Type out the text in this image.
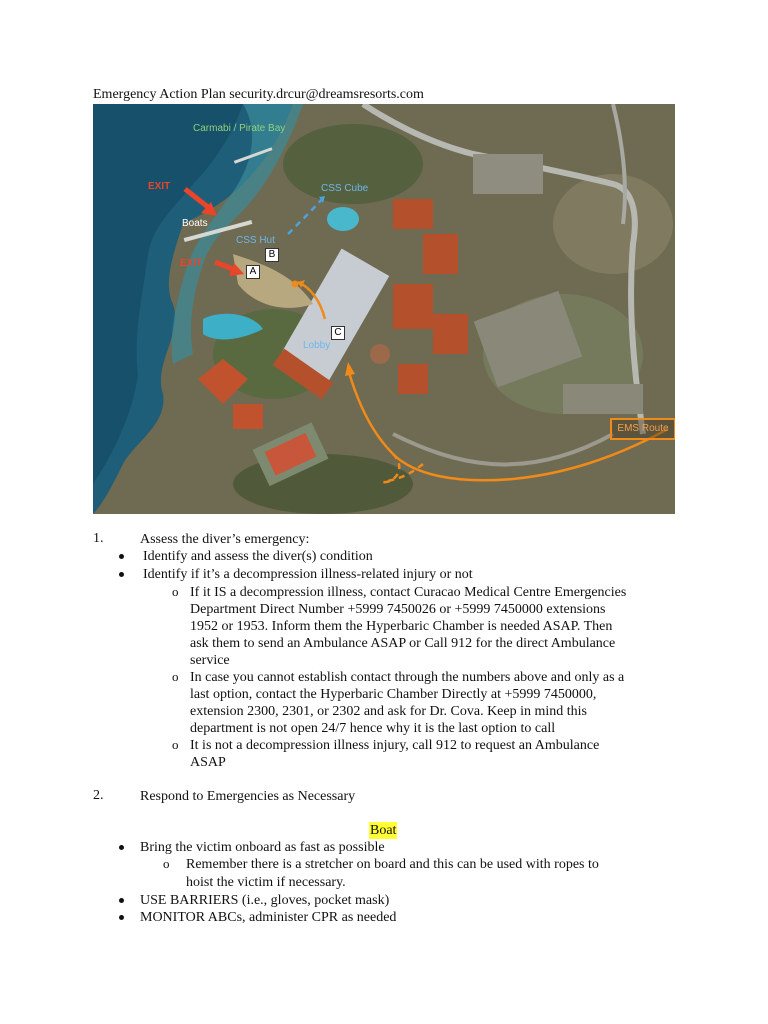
Emergency Action Plan security.drcur@dreamsresorts.com
Carmabi / Pirate Bay
EXIT
Boats
CSS Cube
CSS Hut
EXIT
Lobby
B
A
C
EMS Route
1.	Assess the diver’s emergency:
Identify and assess the diver(s) condition
Identify if it’s a decompression illness-related injury or not
o If it IS a decompression illness, contact Curacao Medical Centre Emergencies
Department Direct Number +5999 7450026 or +5999 7450000 extensions
1952 or 1953. Inform them the Hyperbaric Chamber is needed ASAP. Then
ask them to send an Ambulance ASAP or Call 912 for the direct Ambulance
service
o In case you cannot establish contact through the numbers above and only as a
last option, contact the Hyperbaric Chamber Directly at +5999 7450000,
extension 2300, 2301, or 2302 and ask for Dr. Cova. Keep in mind this
department is not open 24/7 hence why it is the last option to call
o It is not a decompression illness injury, call 912 to request an Ambulance
ASAP
2.	Respond to Emergencies as Necessary
Boat
Bring the victim onboard as fast as possible
o Remember there is a stretcher on board and this can be used with ropes to
hoist the victim if necessary.
USE BARRIERS (i.e., gloves, pocket mask)
MONITOR ABCs, administer CPR as needed
